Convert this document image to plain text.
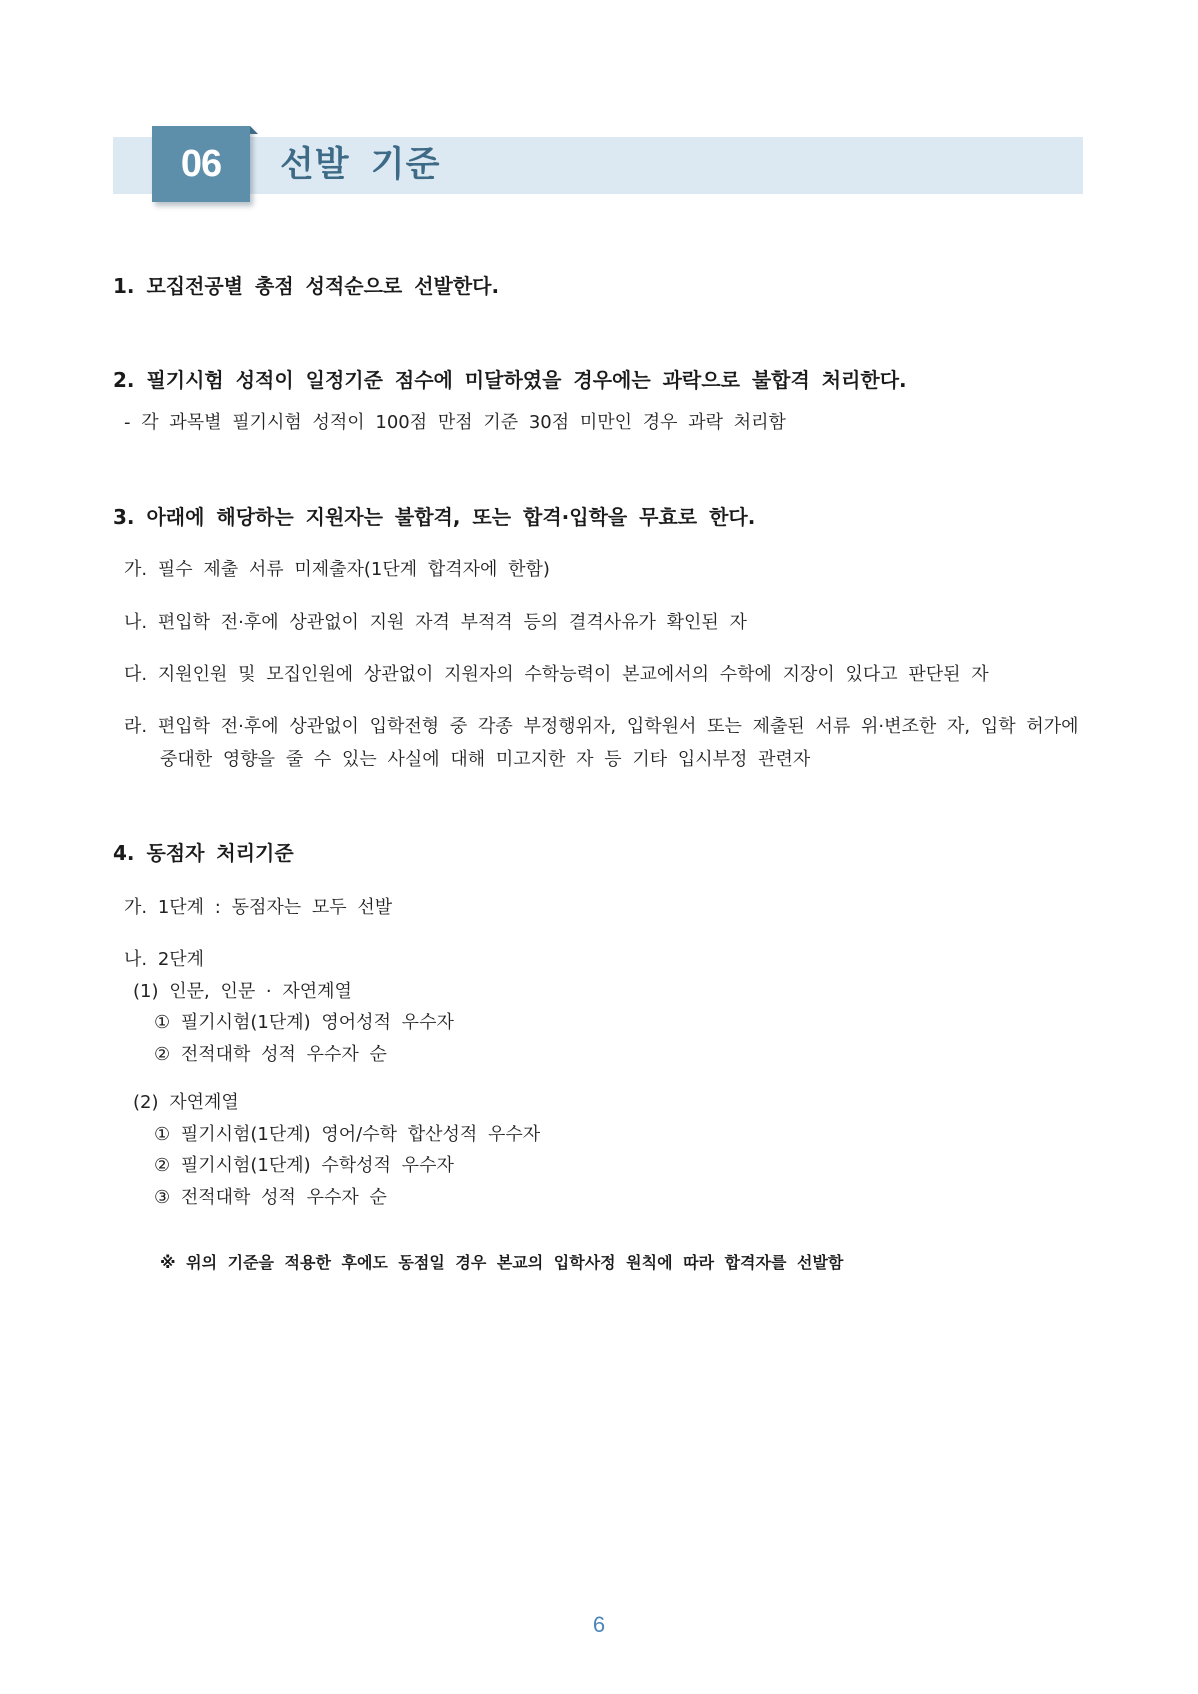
06	선발 기준
1. 모집전공별 총점 성적순으로 선발한다.
2. 필기시험 성적이 일정기준 점수에 미달하였을 경우에는 과락으로 불합격 처리한다.
- 각 과목별 필기시험 성적이 100점 만점 기준 30점 미만인 경우 과락 처리함
3. 아래에 해당하는 지원자는 불합격, 또는 합격·입학을 무효로 한다.
가. 필수 제출 서류 미제출자(1단계 합격자에 한함)
나. 편입학 전·후에 상관없이 지원 자격 부적격 등의 결격사유가 확인된 자
다. 지원인원 및 모집인원에 상관없이 지원자의 수학능력이 본교에서의 수학에 지장이 있다고 판단된 자
라. 편입학 전·후에 상관없이 입학전형 중 각종 부정행위자, 입학원서 또는 제출된 서류 위·변조한 자, 입학 허가에
중대한 영향을 줄 수 있는 사실에 대해 미고지한 자 등 기타 입시부정 관련자
4. 동점자 처리기준
가. 1단계 : 동점자는 모두 선발
나. 2단계
(1) 인문, 인문 · 자연계열
① 필기시험(1단계) 영어성적 우수자
② 전적대학 성적 우수자 순
(2) 자연계열
① 필기시험(1단계) 영어/수학 합산성적 우수자
② 필기시험(1단계) 수학성적 우수자
③ 전적대학 성적 우수자 순
※ 위의 기준을 적용한 후에도 동점일 경우 본교의 입학사정 원칙에 따라 합격자를 선발함
6
